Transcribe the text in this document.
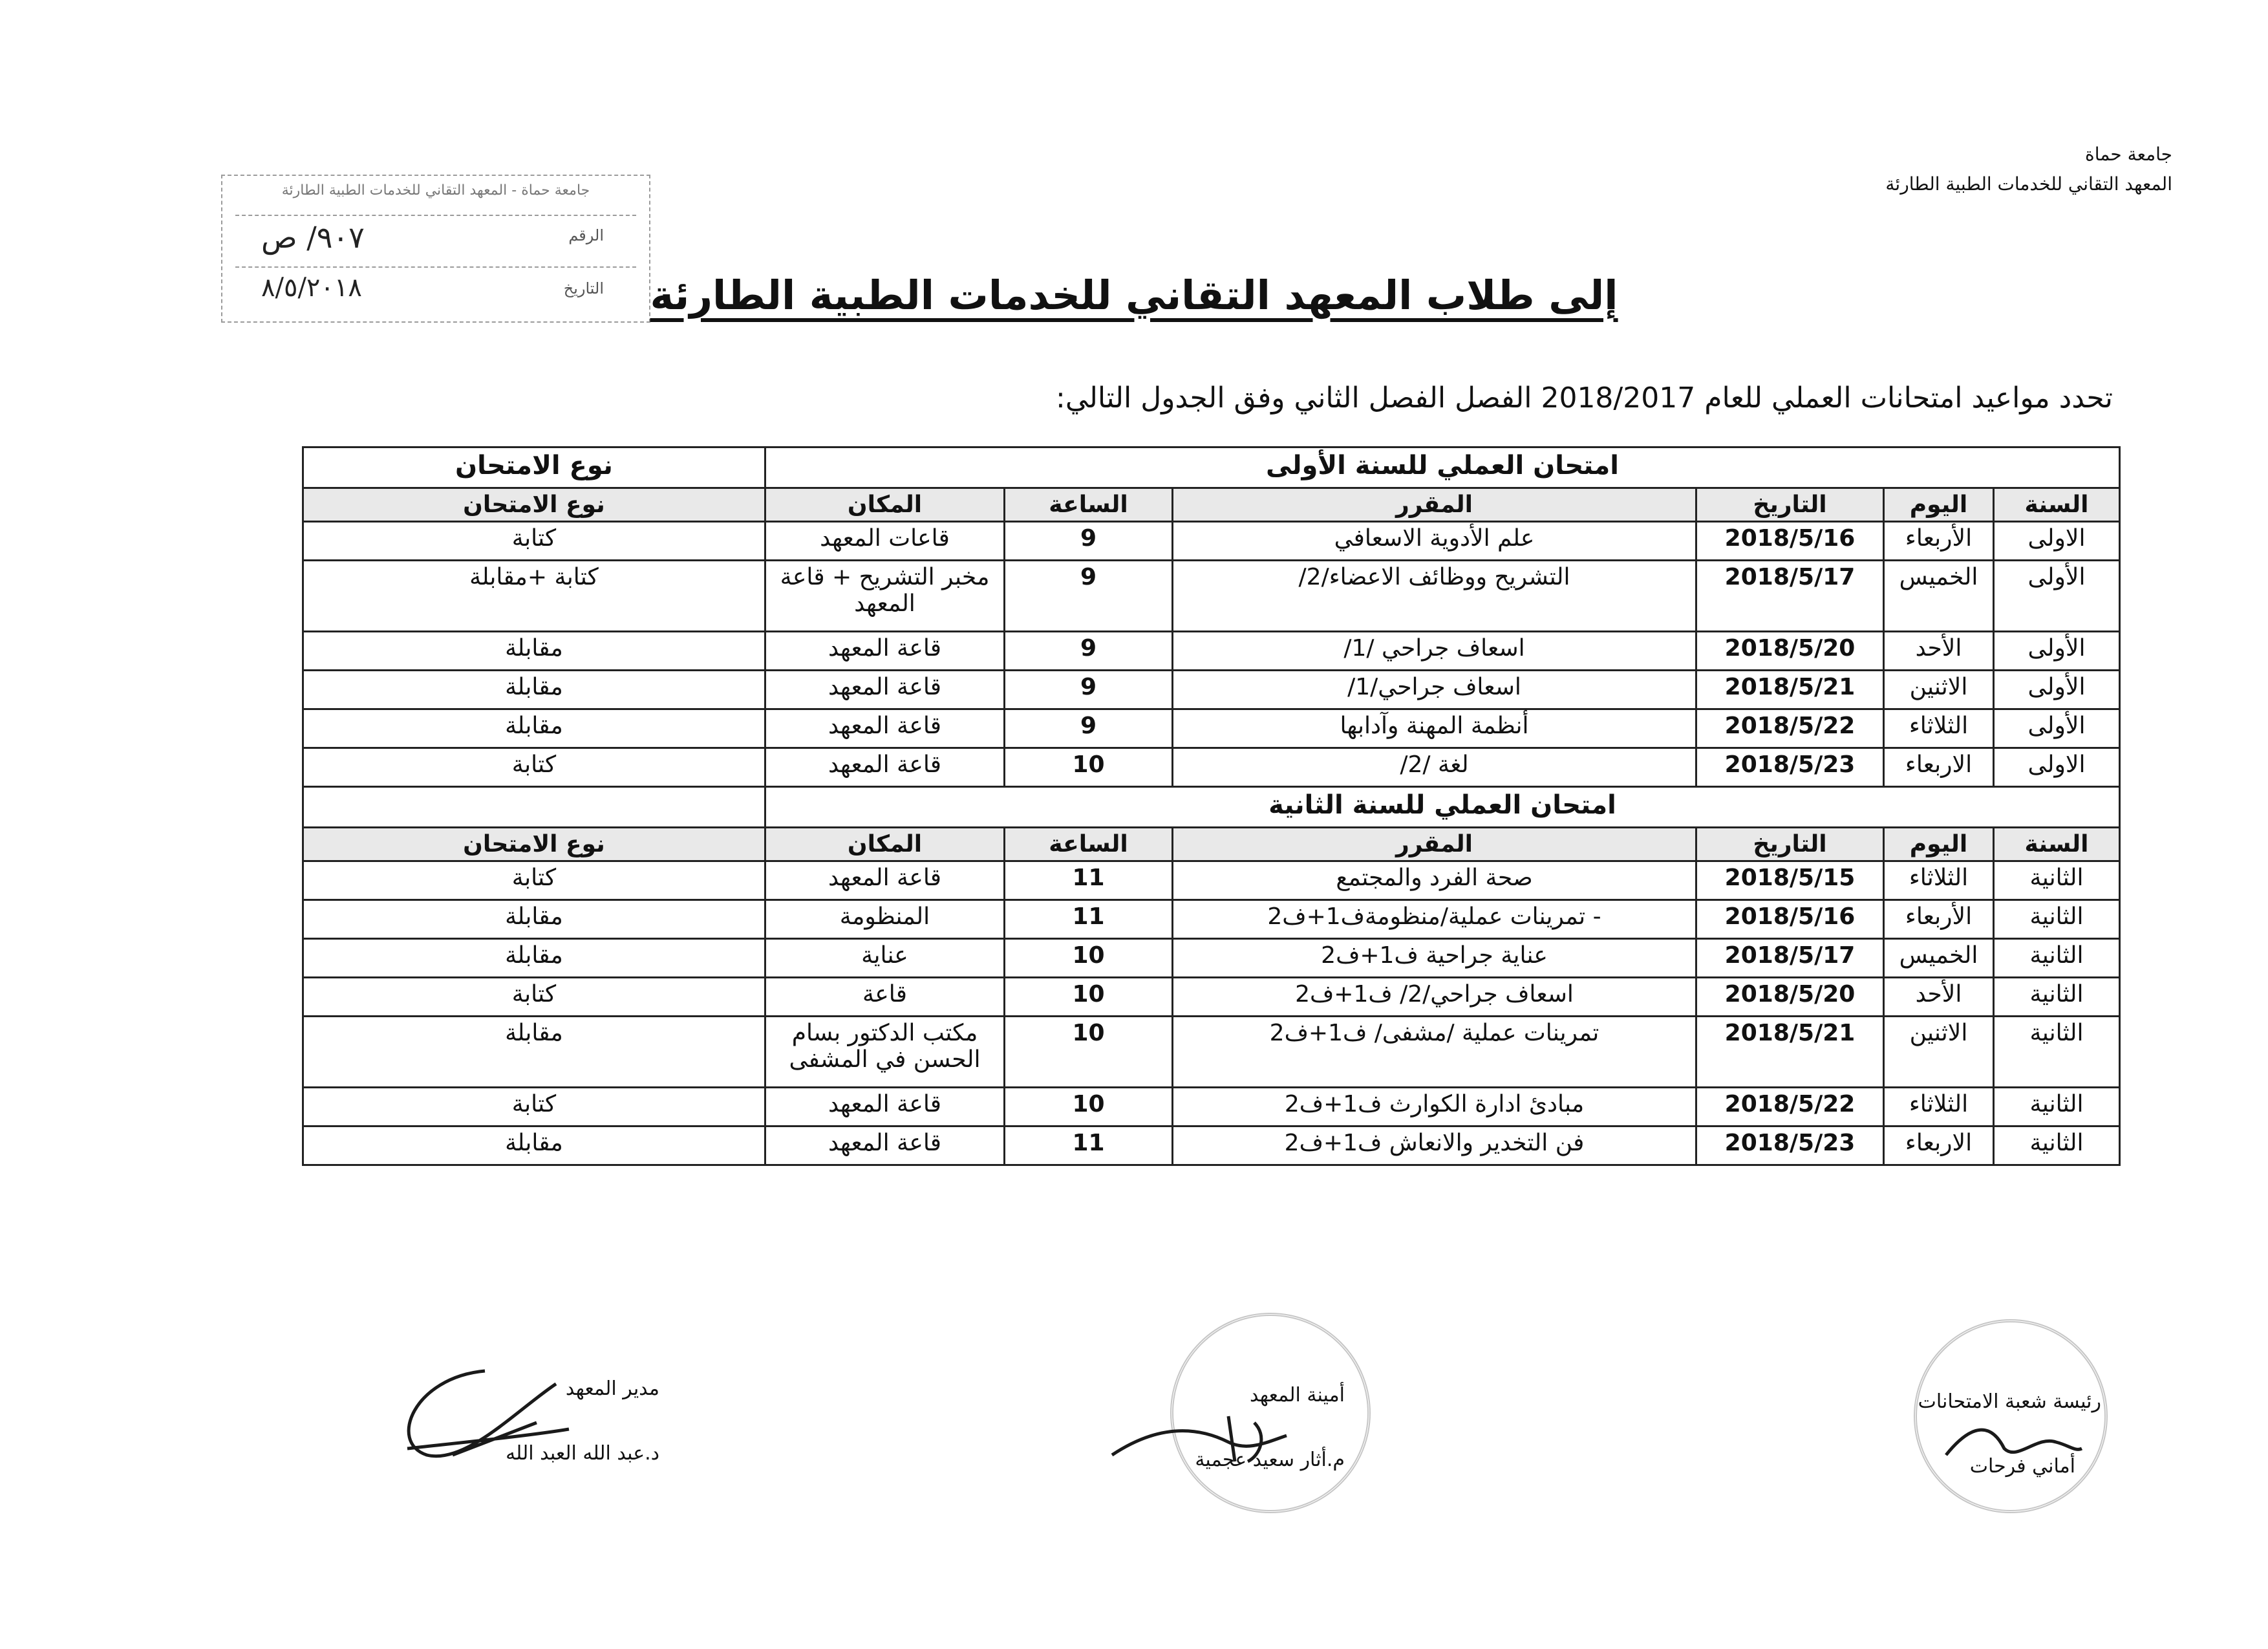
جامعة حماة
المعهد التقاني للخدمات الطبية الطارئة
جامعة حماة - المعهد التقاني للخدمات الطبية الطارئة
الرقم
٩٠٧/ ص
التاريخ
٨/٥/٢٠١٨	إلى طلاب المعهد التقاني للخدمات الطبية الطارئة
تحدد مواعيد امتحانات العملي للعام 2018/2017 الفصل الفصل الثاني وفق الجدول التالي:
امتحان العملي للسنة الأولى						نوع الامتحان
السنة	اليوم	التاريخ	المقرر	الساعة	المكان	نوع الامتحان
الاولى	الأربعاء	2018/5/16	علم الأدوية الاسعافي	9	قاعات المعهد	كتابة
الأولى	الخميس	2018/5/17	التشريح ووظائف الاعضاء/2/	9	مخبر التشريح + قاعة المعهد	كتابة +مقابلة
الأولى	الأحد	2018/5/20	اسعاف جراحي /1/	9	قاعة المعهد	مقابلة
الأولى	الاثنين	2018/5/21	اسعاف جراحي/1/	9	قاعة المعهد	مقابلة
الأولى	الثلاثاء	2018/5/22	أنظمة المهنة وآدابها	9	قاعة المعهد	مقابلة
الاولى	الاربعاء	2018/5/23	لغة /2/	10	قاعة المعهد	كتابة
امتحان العملي للسنة الثانية						
السنة	اليوم	التاريخ	المقرر	الساعة	المكان	نوع الامتحان
الثانية	الثلاثاء	2018/5/15	صحة الفرد والمجتمع	11	قاعة المعهد	كتابة
الثانية	الأربعاء	2018/5/16	- تمرينات عملية/منظومةف1+ف2	11	المنظومة	مقابلة
الثانية	الخميس	2018/5/17	عناية جراحية ف1+ف2	10	عناية	مقابلة
الثانية	الأحد	2018/5/20	اسعاف جراحي/2/ ف1+ف2	10	قاعة	كتابة
الثانية	الاثنين	2018/5/21	تمرينات عملية /مشفى/ ف1+ف2	10	مكتب الدكتور بسام الحسن في المشفى	مقابلة
الثانية	الثلاثاء	2018/5/22	مبادئ ادارة الكوارث ف1+ف2	10	قاعة المعهد	كتابة
الثانية	الاربعاء	2018/5/23	فن التخدير والانعاش ف1+ف2	11	قاعة المعهد	مقابلة
مدير المعهد
د.عبد الله العبد الله
أمينة المعهد
م.أثار سعيد عجمية
رئيسة شعبة الامتحانات
أماني فرحات
